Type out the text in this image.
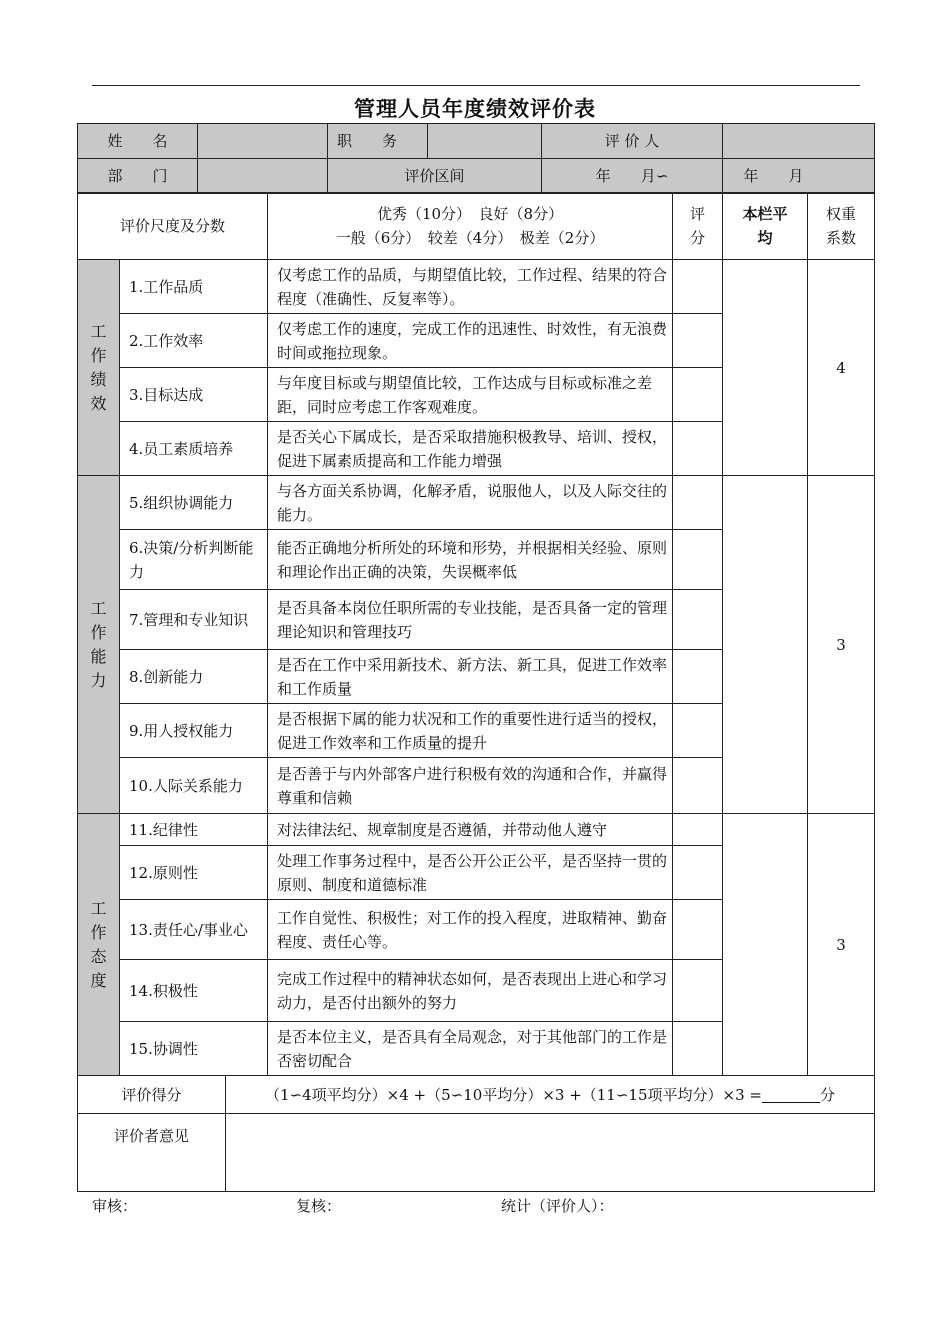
管理人员年度绩效评价表
姓　　名		职　　务		评 价 人	
部　　门		评价区间		年　　月∽	年　　月
评价尺度及分数		优秀（10分）　良好（8分）
一般（6分）　较差（4分）　极差（2分）	评分	本栏平均	权重系数

工
作
绩
效	1.工作品质	仅考虑工作的品质，与期望值比较，工作过程、结果的符合程度（准确性、反复率等）。			4
	2.工作效率	仅考虑工作的速度，完成工作的迅速性、时效性，有无浪费时间或拖拉现象。			
	3.目标达成	与年度目标或与期望值比较，工作达成与目标或标准之差距，同时应考虑工作客观难度。			
	4.员工素质培养	是否关心下属成长，是否采取措施积极教导、培训、授权，促进下属素质提高和工作能力增强			

工
作
能
力	5.组织协调能力	与各方面关系协调，化解矛盾，说服他人，以及人际交往的能力。			3
	6.决策/分析判断能力	能否正确地分析所处的环境和形势，并根据相关经验、原则和理论作出正确的决策，失误概率低			
	7.管理和专业知识	是否具备本岗位任职所需的专业技能，是否具备一定的管理理论知识和管理技巧			
	8.创新能力	是否在工作中采用新技术、新方法、新工具，促进工作效率和工作质量			
	9.用人授权能力	是否根据下属的能力状况和工作的重要性进行适当的授权，促进工作效率和工作质量的提升			
	10.人际关系能力	是否善于与内外部客户进行积极有效的沟通和合作，并赢得尊重和信赖			

工
作
态
度	11.纪律性	对法律法纪、规章制度是否遵循，并带动他人遵守			3
	12.原则性	处理工作事务过程中，是否公开公正公平，是否坚持一贯的原则、制度和道德标准			
	13.责任心/事业心	工作自觉性、积极性；对工作的投入程度，进取精神、勤奋程度、责任心等。			
	14.积极性	完成工作过程中的精神状态如何，是否表现出上进心和学习动力，是否付出额外的努力			
	15.协调性	是否本位主义，是否具有全局观念，对于其他部门的工作是否密切配合			
评价得分	（1∽4项平均分）×4 +（5∽10平均分）×3 +（11∽15项平均分）×3 = 分
评价者意见	
审核：	复核：	统计（评价人）：
